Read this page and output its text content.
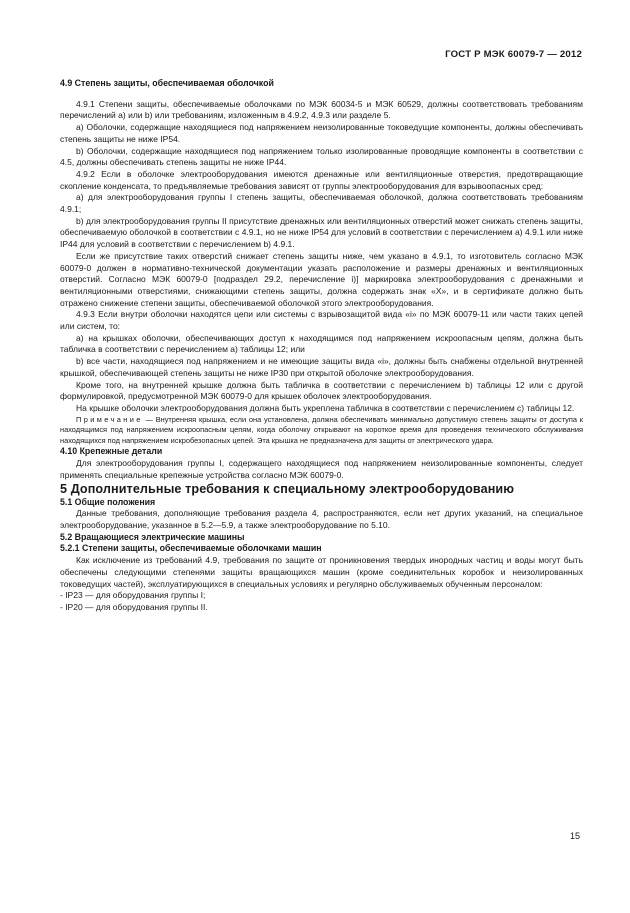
ГОСТ Р МЭК 60079-7 — 2012

4.9 Степень защиты, обеспечиваемая оболочкой

4.9.1 Степени защиты, обеспечиваемые оболочками по МЭК 60034-5 и МЭК 60529, должны соответствовать требованиям перечислений a) или b) или требованиям, изложенным в 4.9.2, 4.9.3 или разделе 5.

a) Оболочки, содержащие находящиеся под напряжением неизолированные токоведущие компоненты, должны обеспечивать степень защиты не ниже IP54.

b) Оболочки, содержащие находящиеся под напряжением только изолированные проводящие компоненты в соответствии с 4.5, должны обеспечивать степень защиты не ниже IP44.

4.9.2 Если в оболочке электрооборудования имеются дренажные или вентиляционные отверстия, предотвращающие скопление конденсата, то предъявляемые требования зависят от группы электрооборудования для взрывоопасных сред:

a) для электрооборудования группы I степень защиты, обеспечиваемая оболочкой, должна соответствовать требованиям 4.9.1;

b) для электрооборудования группы II присутствие дренажных или вентиляционных отверстий может снижать степень защиты, обеспечиваемую оболочкой в соответствии с 4.9.1, но не ниже IP54 для условий в соответствии с перечислением a) 4.9.1 или ниже IP44 для условий в соответствии с перечислением b) 4.9.1.

Если же присутствие таких отверстий снижает степень защиты ниже, чем указано в 4.9.1, то изготовитель согласно МЭК 60079-0 должен в нормативно-технической документации указать расположение и размеры дренажных и вентиляционных отверстий. Согласно МЭК 60079-0 [подраздел 29.2, перечисление i)] маркировка электрооборудования с дренажными и вентиляционными отверстиями, снижающими степень защиты, должна содержать знак «X», и в сертификате должно быть отражено снижение степени защиты, обеспечиваемой оболочкой этого электрооборудования.

4.9.3 Если внутри оболочки находятся цепи или системы с взрывозащитой вида «i» по МЭК 60079-11 или части таких цепей или систем, то:

a) на крышках оболочки, обеспечивающих доступ к находящимся под напряжением искроопасным цепям, должна быть табличка в соответствии с перечислением a) таблицы 12; или

b) все части, находящиеся под напряжением и не имеющие защиты вида «i», должны быть снабжены отдельной внутренней крышкой, обеспечивающей степень защиты не ниже IP30 при открытой оболочке электрооборудования.

Кроме того, на внутренней крышке должна быть табличка в соответствии с перечислением b) таблицы 12 или с другой формулировкой, предусмотренной МЭК 60079-0 для крышек оболочек электрооборудования.

На крышке оболочки электрооборудования должна быть укреплена табличка в соответствии с перечислением c) таблицы 12.

Примечание — Внутренняя крышка, если она установлена, должна обеспечивать минимально допустимую степень защиты от доступа к находящимся под напряжением искроопасным цепям, когда оболочку открывают на короткое время для проведения технического обслуживания находящихся под напряжением искробезопасных цепей. Эта крышка не предназначена для защиты от электрического удара.

4.10 Крепежные детали

Для электрооборудования группы I, содержащего находящиеся под напряжением неизолированные компоненты, следует применять специальные крепежные устройства согласно МЭК 60079-0.

5 Дополнительные требования к специальному электрооборудованию

5.1 Общие положения

Данные требования, дополняющие требования раздела 4, распространяются, если нет других указаний, на специальное электрооборудование, указанное в 5.2—5.9, а также электрооборудование по 5.10.

5.2 Вращающиеся электрические машины

5.2.1 Степени защиты, обеспечиваемые оболочками машин

Как исключение из требований 4.9, требования по защите от проникновения твердых инородных частиц и воды могут быть обеспечены следующими степенями защиты вращающихся машин (кроме соединительных коробок и неизолированных токоведущих частей), эксплуатирующихся в специальных условиях и регулярно обслуживаемых обученным персоналом:

- IP23 — для оборудования группы I;

- IP20 — для оборудования группы II.

15
